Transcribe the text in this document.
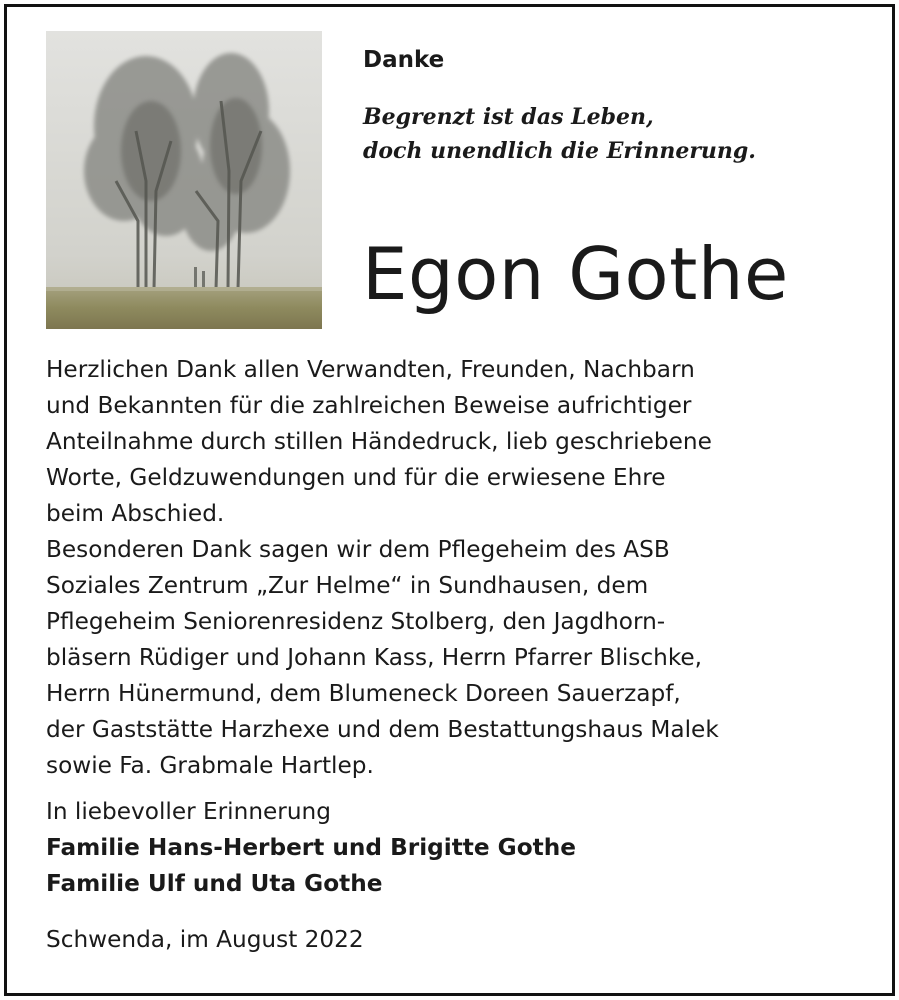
Danke
Begrenzt ist das Leben,
doch unendlich die Erinnerung.
Egon Gothe
Herzlichen Dank allen Verwandten, Freunden, Nachbarn
und Bekannten für die zahlreichen Beweise aufrichtiger
Anteilnahme durch stillen Händedruck, lieb geschriebene
Worte, Geldzuwendungen und für die erwiesene Ehre
beim Abschied.
Besonderen Dank sagen wir dem Pflegeheim des ASB
Soziales Zentrum „Zur Helme“ in Sundhausen, dem
Pflegeheim Seniorenresidenz Stolberg, den Jagdhorn-
bläsern Rüdiger und Johann Kass, Herrn Pfarrer Blischke,
Herrn Hünermund, dem Blumeneck Doreen Sauerzapf,
der Gaststätte Harzhexe und dem Bestattungshaus Malek
sowie Fa. Grabmale Hartlep.
In liebevoller Erinnerung
Familie Hans-Herbert und Brigitte Gothe
Familie Ulf und Uta Gothe
Schwenda, im August 2022
